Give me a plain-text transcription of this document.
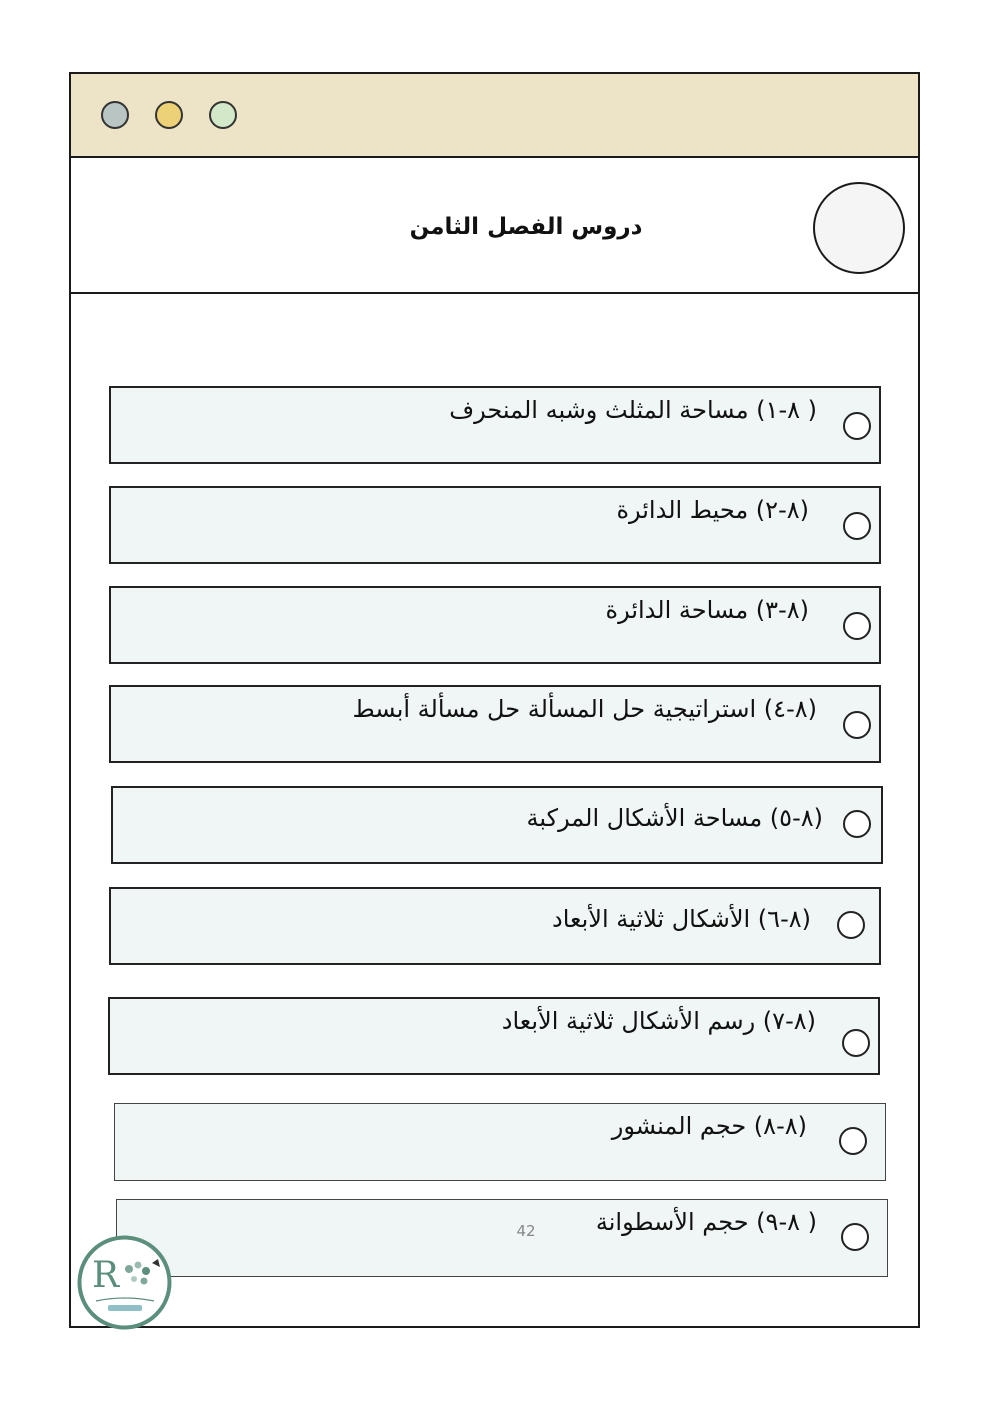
دروس الفصل الثامن
( ٨-١) مساحة المثلث وشبه المنحرف
(٨-٢) محيط الدائرة
(٨-٣) مساحة الدائرة
(٨-٤) استراتيجية حل المسألة حل مسألة أبسط
(٨-٥) مساحة الأشكال المركبة
(٨-٦) الأشكال ثلاثية الأبعاد
(٨-٧) رسم الأشكال ثلاثية الأبعاد
(٨-٨) حجم المنشور
( ٨-٩) حجم الأسطوانة
42
R
